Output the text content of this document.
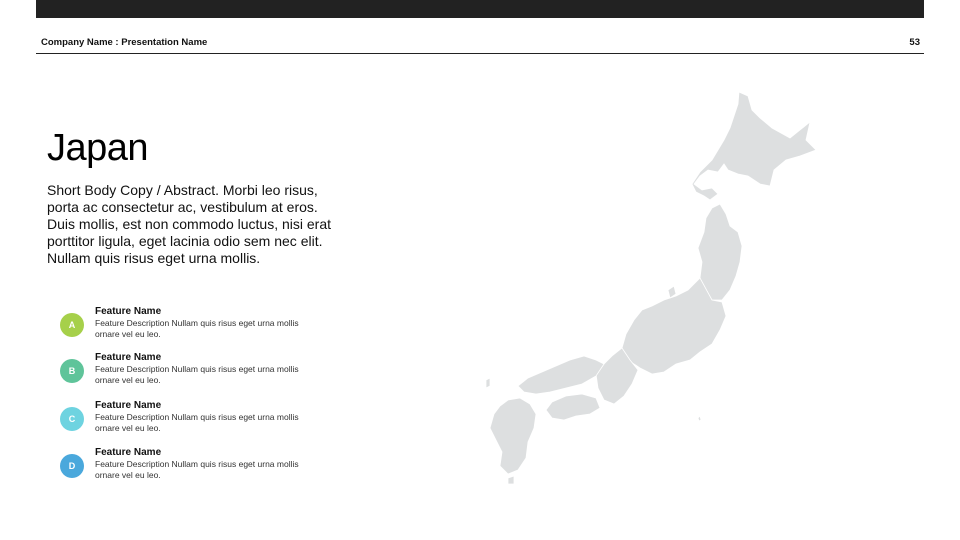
Company Name : Presentation Name	53
Japan
Short Body Copy / Abstract. Morbi leo risus, porta ac consectetur ac, vestibulum at eros. Duis mollis, est non commodo luctus, nisi erat porttitor ligula, eget lacinia odio sem nec elit. Nullam quis risus eget urna mollis.
A
Feature Name
Feature Description Nullam quis risus eget urna mollis ornare vel eu leo.
B
Feature Name
Feature Description Nullam quis risus eget urna mollis ornare vel eu leo.
C
Feature Name
Feature Description Nullam quis risus eget urna mollis ornare vel eu leo.
D
Feature Name
Feature Description Nullam quis risus eget urna mollis ornare vel eu leo.
